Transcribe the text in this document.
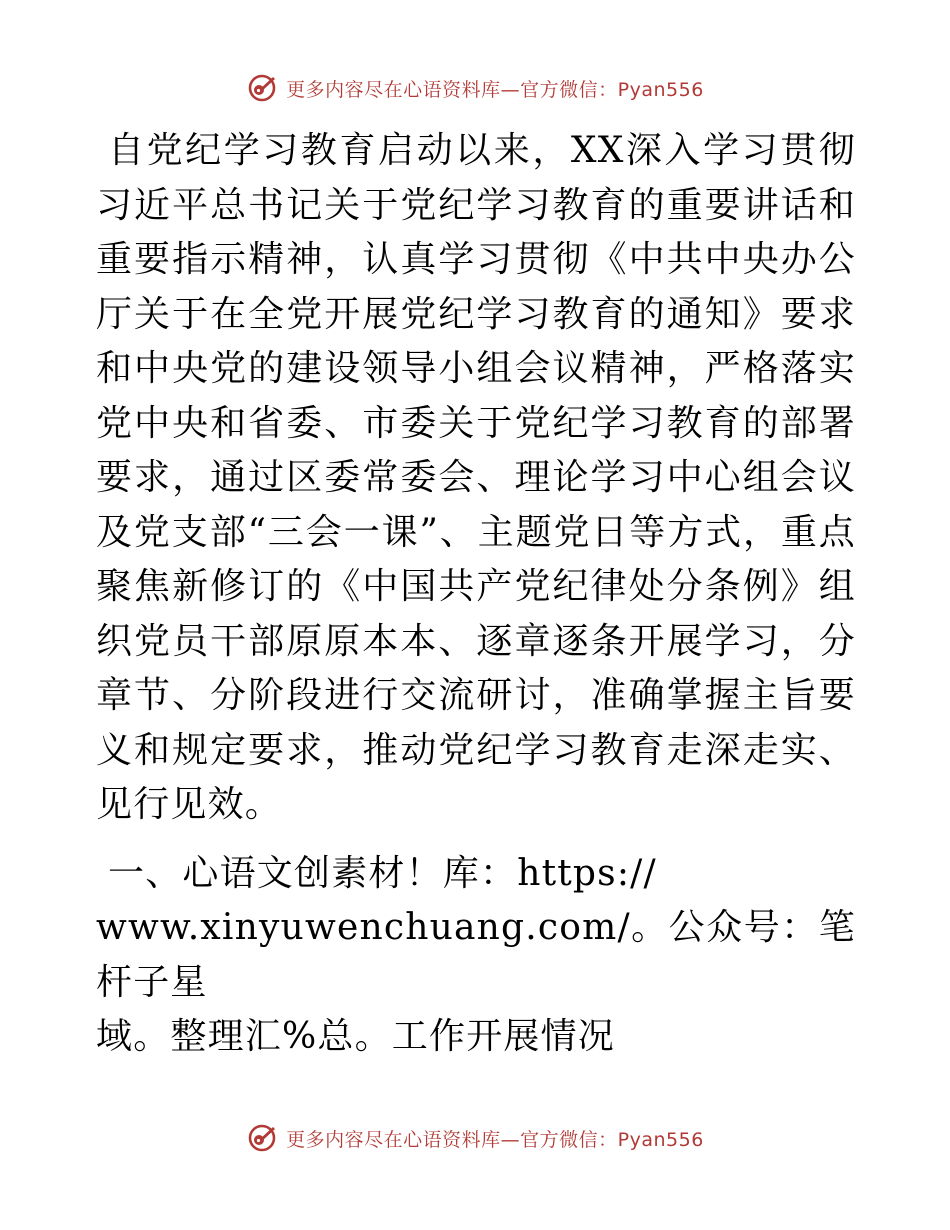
更多内容尽在心语资料库—官方微信：Pyan556

自党纪学习教育启动以来，XX深入学习贯彻习近平总书记关于党纪学习教育的重要讲话和重要指示精神，认真学习贯彻《中共中央办公厅关于在全党开展党纪学习教育的通知》要求和中央党的建设领导小组会议精神，严格落实党中央和省委、市委关于党纪学习教育的部署要求，通过区委常委会、理论学习中心组会议及党支部“三会一课”、主题党日等方式，重点聚焦新修订的《中国共产党纪律处分条例》组织党员干部原原本本、逐章逐条开展学习，分章节、分阶段进行交流研讨，准确掌握主旨要义和规定要求，推动党纪学习教育走深走实、见行见效。

一、心语文创素材！库：https://
www.xinyuwenchuang.com/。公众号：笔杆子星
域。整理汇%总。工作开展情况

更多内容尽在心语资料库—官方微信：Pyan556
